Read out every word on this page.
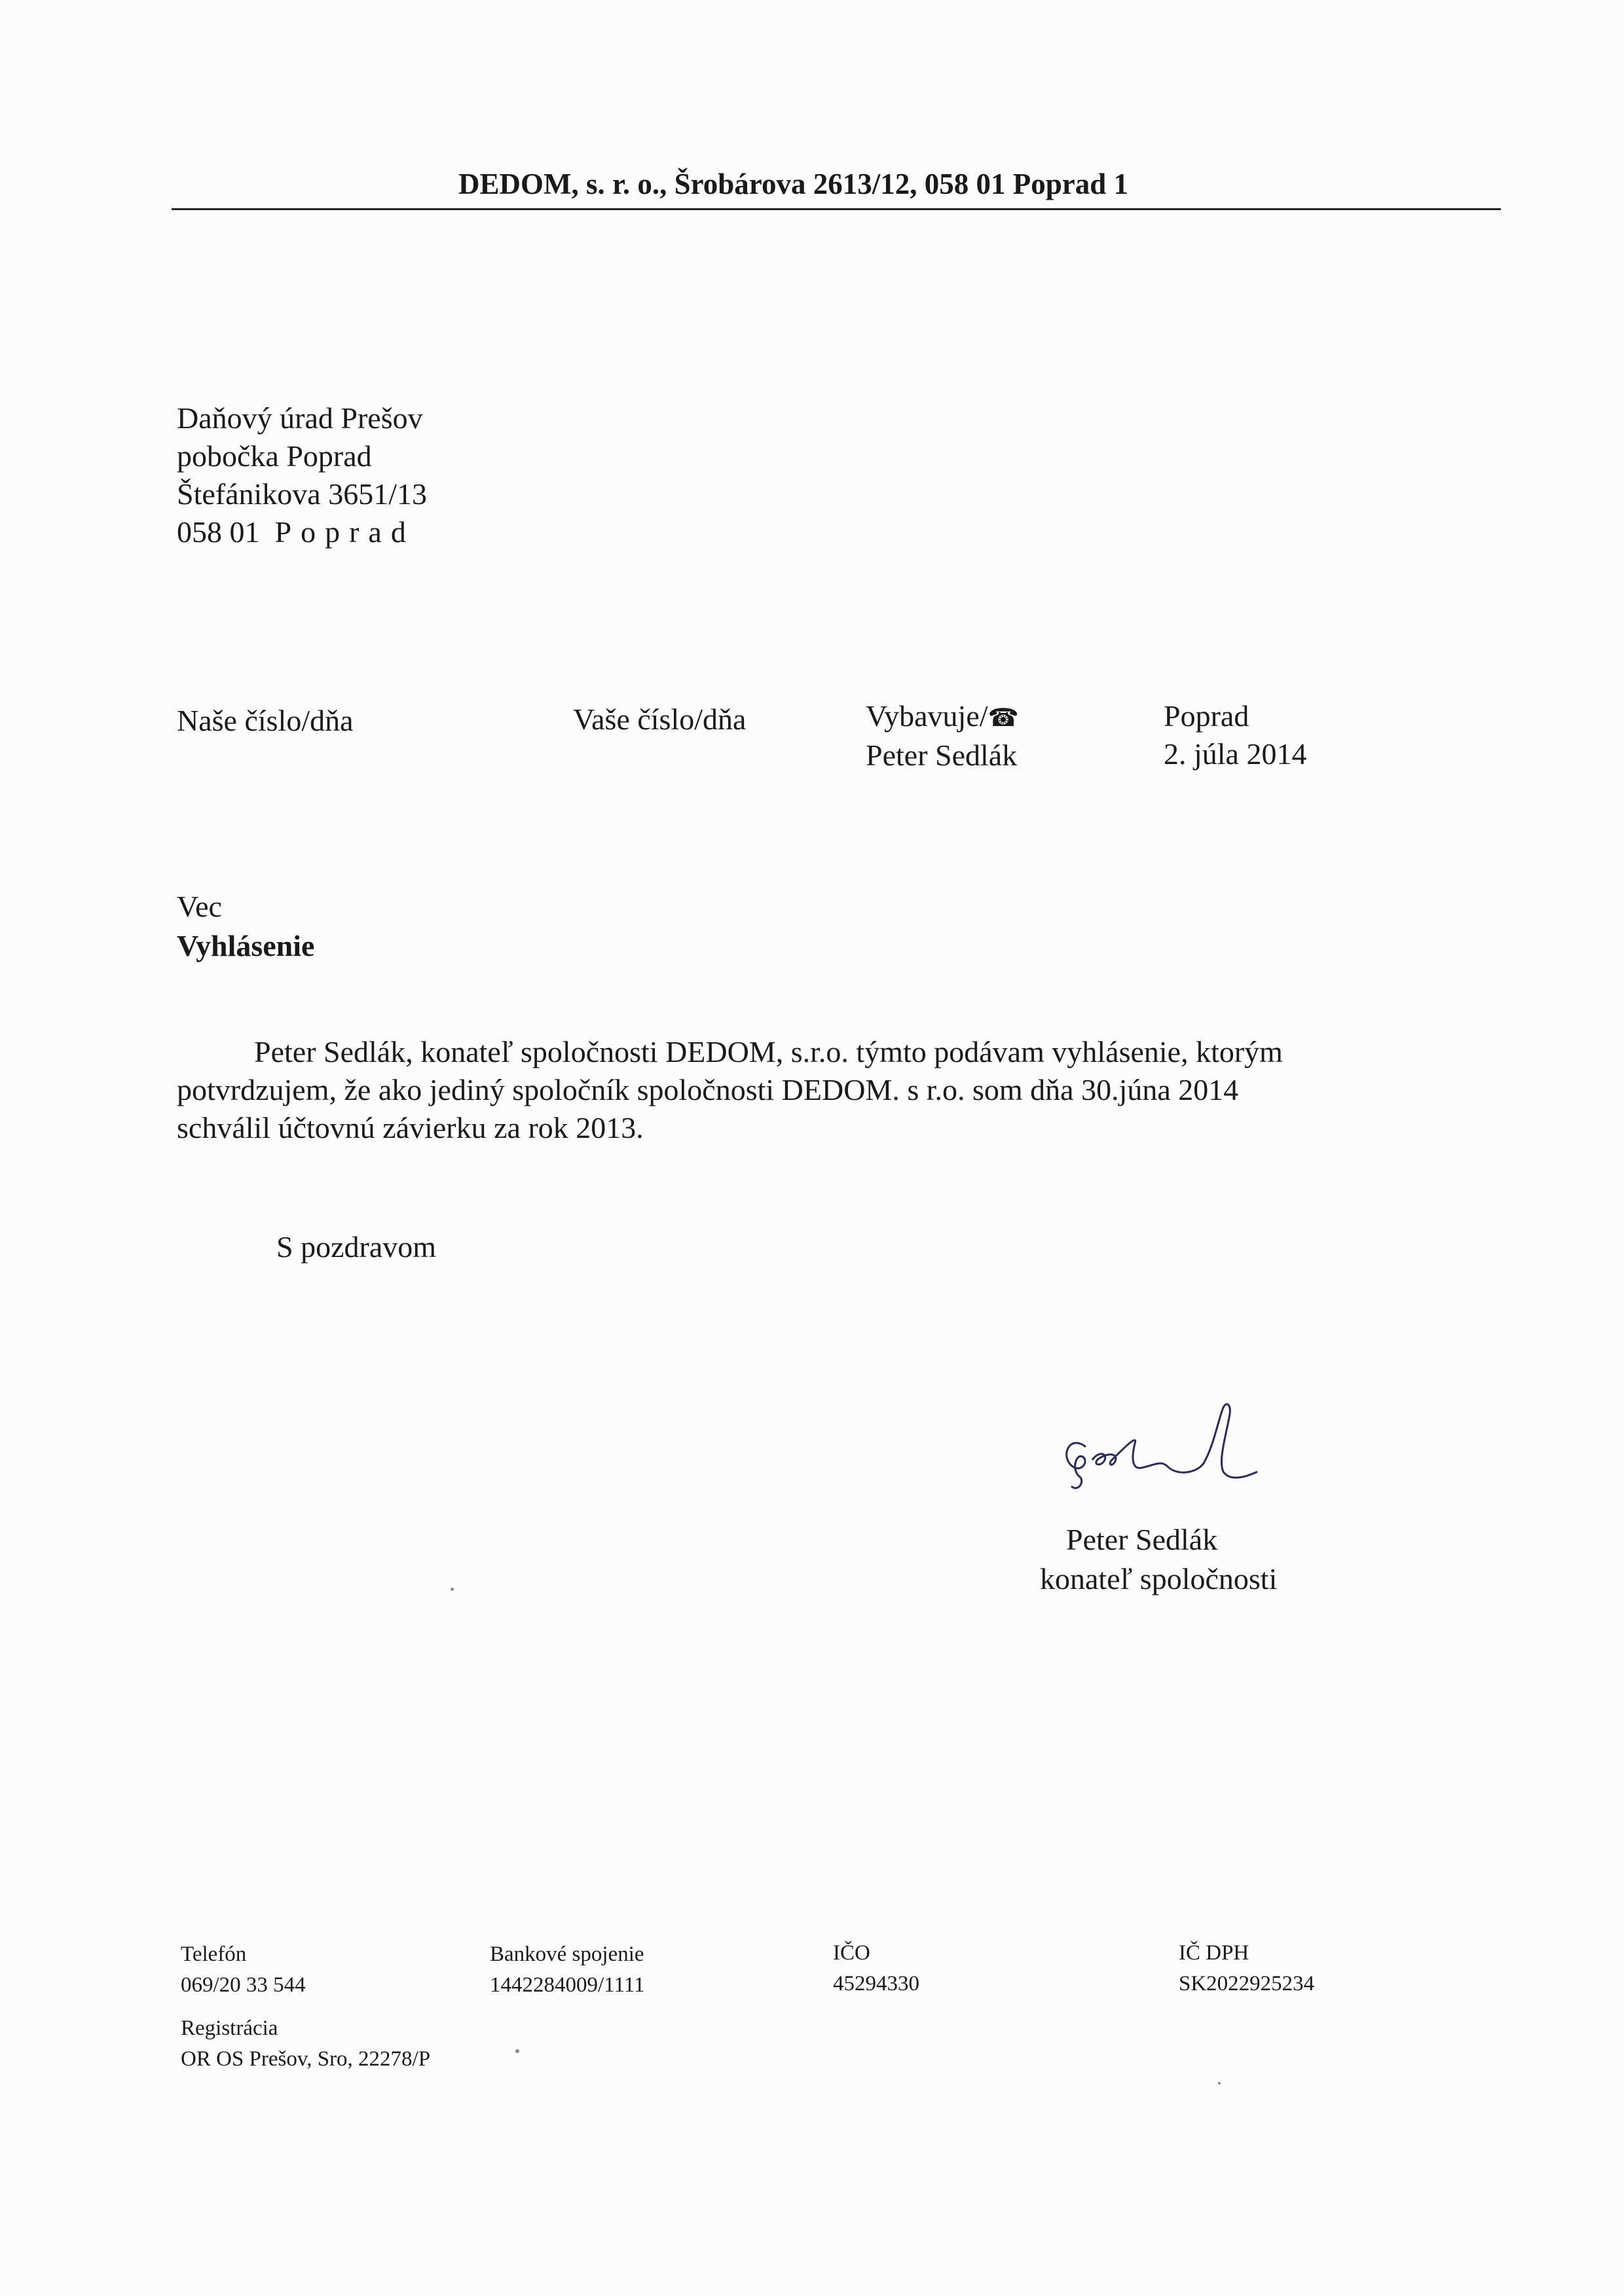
DEDOM, s. r. o., Šrobárova 2613/12, 058 01 Poprad 1
Daňový úrad Prešov
pobočka Poprad
Štefánikova 3651/13
058 01 Poprad
Naše číslo/dňa	Vaše číslo/dňa	Vybavuje/☎
Peter Sedlák
Poprad
2. júla 2014
Vec
Vyhlásenie
Peter Sedlák, konateľ spoločnosti DEDOM, s.r.o. týmto podávam vyhlásenie, ktorým potvrdzujem, že ako jediný spoločník spoločnosti DEDOM. s r.o. som dňa 30.júna 2014 schválil účtovnú závierku za rok 2013.
S pozdravom
Peter Sedlák
konateľ spoločnosti
Telefón
069/20 33 544
Bankové spojenie
1442284009/1111
IČO
45294330
IČ DPH
SK2022925234
Registrácia
OR OS Prešov, Sro, 22278/P
